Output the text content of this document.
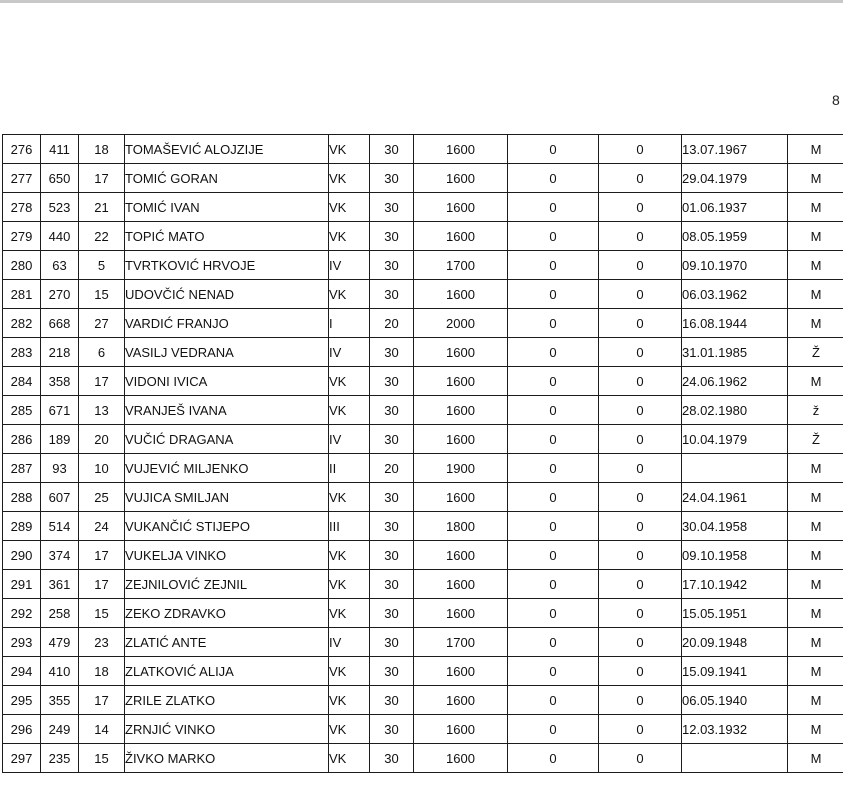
8
276	411	18	TOMAŠEVIĆ ALOJZIJE	VK	30	1600	0	0	13.07.1967	M
277	650	17	TOMIĆ GORAN	VK	30	1600	0	0	29.04.1979	M
278	523	21	TOMIĆ IVAN	VK	30	1600	0	0	01.06.1937	M
279	440	22	TOPIĆ MATO	VK	30	1600	0	0	08.05.1959	M
280	63	5	TVRTKOVIĆ HRVOJE	IV	30	1700	0	0	09.10.1970	M
281	270	15	UDOVČIĆ NENAD	VK	30	1600	0	0	06.03.1962	M
282	668	27	VARDIĆ FRANJO	I	20	2000	0	0	16.08.1944	M
283	218	6	VASILJ VEDRANA	IV	30	1600	0	0	31.01.1985	Ž
284	358	17	VIDONI IVICA	VK	30	1600	0	0	24.06.1962	M
285	671	13	VRANJEŠ IVANA	VK	30	1600	0	0	28.02.1980	ž
286	189	20	VUČIĆ DRAGANA	IV	30	1600	0	0	10.04.1979	Ž
287	93	10	VUJEVIĆ MILJENKO	II	20	1900	0	0		M
288	607	25	VUJICA SMILJAN	VK	30	1600	0	0	24.04.1961	M
289	514	24	VUKANČIĆ STIJEPO	III	30	1800	0	0	30.04.1958	M
290	374	17	VUKELJA VINKO	VK	30	1600	0	0	09.10.1958	M
291	361	17	ZEJNILOVIĆ ZEJNIL	VK	30	1600	0	0	17.10.1942	M
292	258	15	ZEKO ZDRAVKO	VK	30	1600	0	0	15.05.1951	M
293	479	23	ZLATIĆ ANTE	IV	30	1700	0	0	20.09.1948	M
294	410	18	ZLATKOVIĆ ALIJA	VK	30	1600	0	0	15.09.1941	M
295	355	17	ZRILE ZLATKO	VK	30	1600	0	0	06.05.1940	M
296	249	14	ZRNJIĆ VINKO	VK	30	1600	0	0	12.03.1932	M
297	235	15	ŽIVKO MARKO	VK	30	1600	0	0		M
